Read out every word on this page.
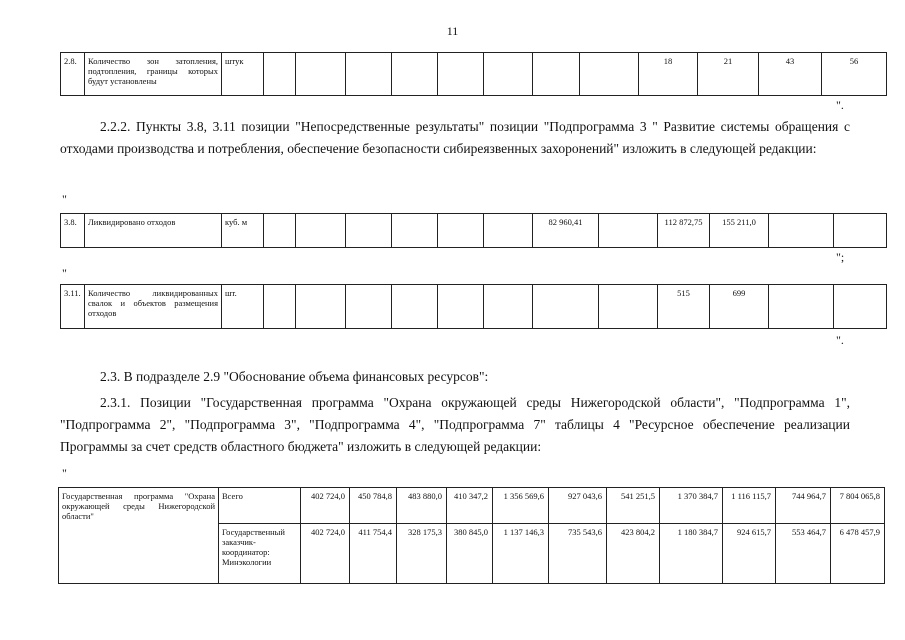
11
2.8.	Количество зон затопления, подтопления, границы которых будут установлены	штук									18	21	43	56
".
2.2.2. Пункты 3.8, 3.11 позиции "Непосредственные результаты" позиции "Подпрограмма 3 " Развитие системы обращения с отходами производства и потребления, обеспечение безопасности сибиреязвенных захоронений" изложить в следующей редакции:
"
3.8.	Ликвидировано отходов	куб. м							82 960,41		112 872,75	155 211,0		
";
"
3.11.	Количество ликвидированных свалок и объектов размещения отходов	шт.									515	699		
".
2.3. В подразделе 2.9 "Обоснование объема финансовых ресурсов":
2.3.1. Позиции "Государственная программа "Охрана окружающей среды Нижегородской области", "Подпрограмма 1", "Подпрограмма 2", "Подпрограмма 3", "Подпрограмма 4", "Подпрограмма 7" таблицы 4 "Ресурсное обеспечение реализации Программы за счет средств областного бюджета" изложить в следующей редакции:
"
Государственная программа "Охрана окружающей среды Нижегородской области"	Всего	402 724,0	450 784,8	483 880,0	410 347,2	1 356 569,6	927 043,6	541 251,5	1 370 384,7	1 116 115,7	744 964,7	7 804 065,8
	Государственный заказчик-координатор: Минэкологии	402 724,0	411 754,4	328 175,3	380 845,0	1 137 146,3	735 543,6	423 804,2	1 180 384,7	924 615,7	553 464,7	6 478 457,9
